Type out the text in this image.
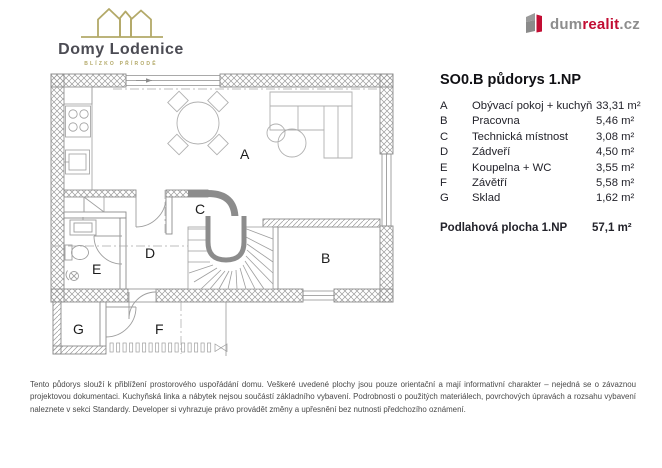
Domy Lodenice
BLÍZKO PŘÍRODĚ
dumrealit.cz
A
B
C
D
E
F
G
SO0.B půdorys 1.NP
A	Obývací pokoj + kuchyň 33,31 m²
B	Pracovna	5,46 m²
C	Technická místnost	3,08 m²
D	Zádveří	4,50 m²
E	Koupelna + WC	3,55 m²
F	Závětří	5,58 m²
G	Sklad	1,62 m²
Podlahová plocha 1.NP	57,1 m²
Tento půdorys slouží k přiblížení prostorového uspořádání domu. Veškeré uvedené plochy jsou pouze orientační a mají informativní charakter – nejedná se o závaznou projektovou dokumentaci. Kuchyňská linka a nábytek nejsou součástí základního vybavení. Podrobnosti o použitých materiálech, povrchových úpravách a rozsahu vybavení naleznete v sekci Standardy. Developer si vyhrazuje právo provádět změny a upřesnění bez nutnosti předchozího oznámení.
